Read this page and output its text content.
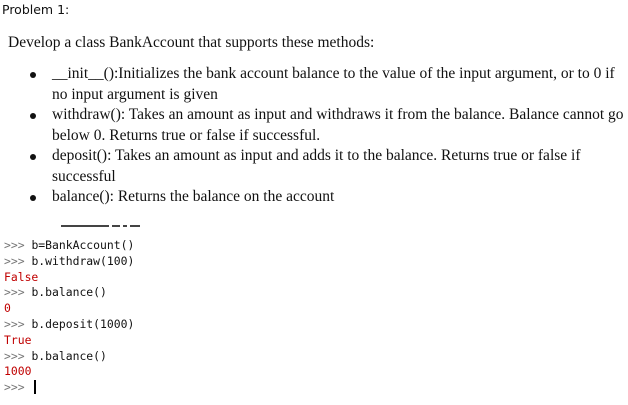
Problem 1:
Develop a class BankAccount that supports these methods:
__init__():Initializes the bank account balance to the value of the input argument, or to 0 if no input argument is given
withdraw(): Takes an amount as input and withdraws it from the balance. Balance cannot go below 0. Returns true or false if successful.
deposit(): Takes an amount as input and adds it to the balance. Returns true or false if successful
balance(): Returns the balance on the account
>>> b=BankAccount()
>>> b.withdraw(100)
False
>>> b.balance()
0
>>> b.deposit(1000)
True
>>> b.balance()
1000
>>>
